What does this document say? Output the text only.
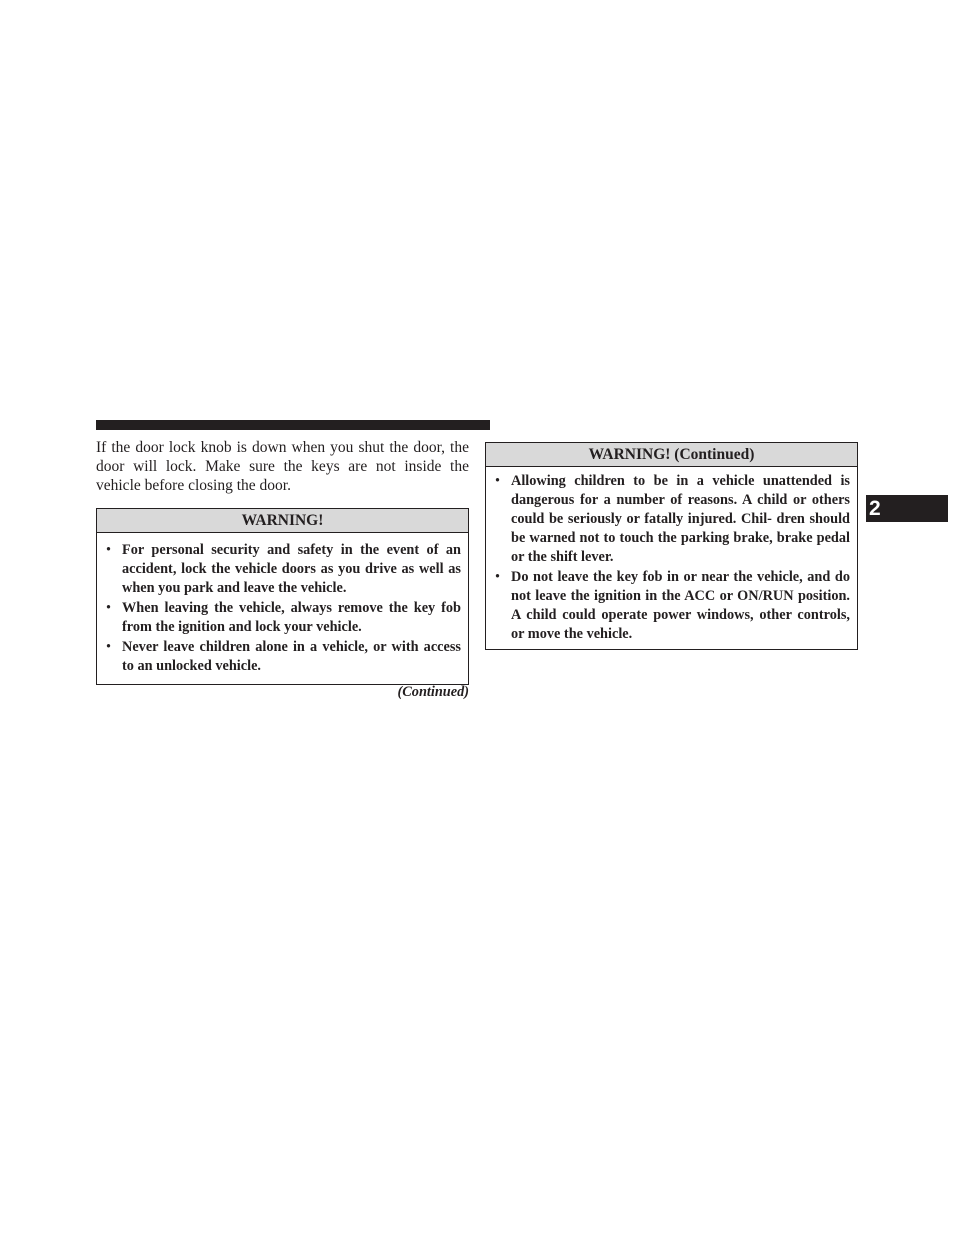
If the door lock knob is down when you shut the door, the door will lock. Make sure the keys are not inside the vehicle before closing the door.

WARNING!
• For personal security and safety in the event of an accident, lock the vehicle doors as you drive as well as when you park and leave the vehicle.
• When leaving the vehicle, always remove the key fob from the ignition and lock your vehicle.
• Never leave children alone in a vehicle, or with access to an unlocked vehicle.
(Continued)
WARNING! (Continued)
• Allowing children to be in a vehicle unattended is dangerous for a number of reasons. A child or others could be seriously or fatally injured. Chil- dren should be warned not to touch the parking brake, brake pedal or the shift lever.
• Do not leave the key fob in or near the vehicle, and do not leave the ignition in the ACC or ON/RUN position. A child could operate power windows, other controls, or move the vehicle.
2
